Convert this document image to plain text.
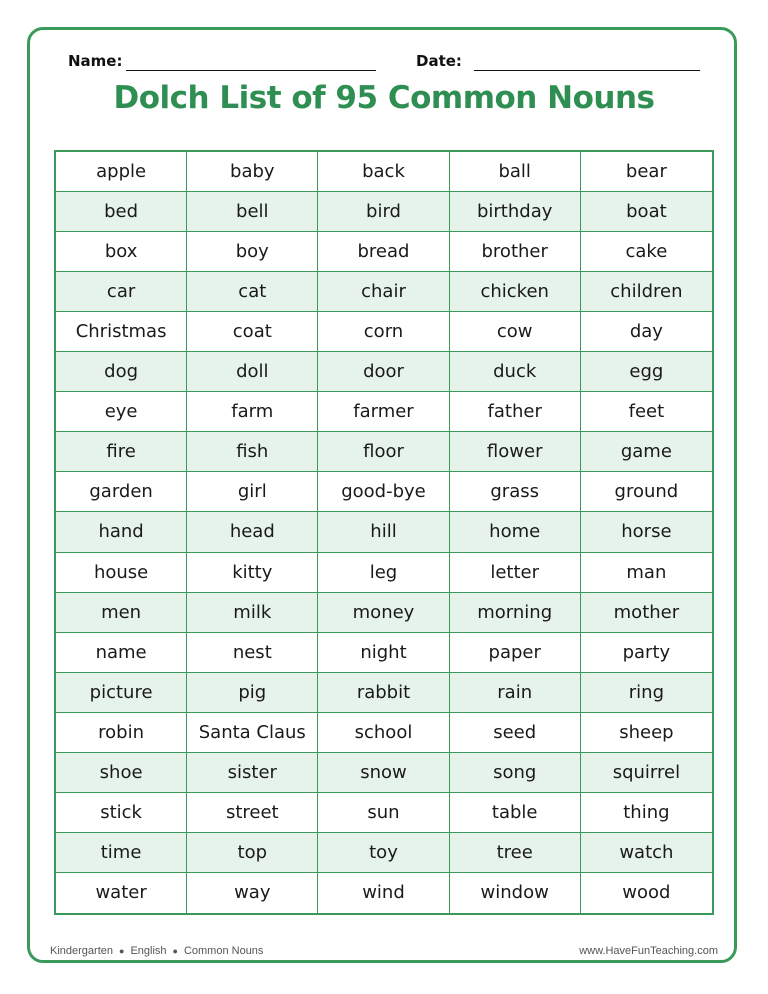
Name:	Date:
Dolch List of 95 Common Nouns
apple	baby	back	ball	bear
bed	bell	bird	birthday	boat
box	boy	bread	brother	cake
car	cat	chair	chicken	children
Christmas	coat	corn	cow	day
dog	doll	door	duck	egg
eye	farm	farmer	father	feet
fire	fish	floor	flower	game
garden	girl	good-bye	grass	ground
hand	head	hill	home	horse
house	kitty	leg	letter	man
men	milk	money	morning	mother
name	nest	night	paper	party
picture	pig	rabbit	rain	ring
robin	Santa Claus	school	seed	sheep
shoe	sister	snow	song	squirrel
stick	street	sun	table	thing
time	top	toy	tree	watch
water	way	wind	window	wood
Kindergarten ● English ● Common Nouns	www.HaveFunTeaching.com
